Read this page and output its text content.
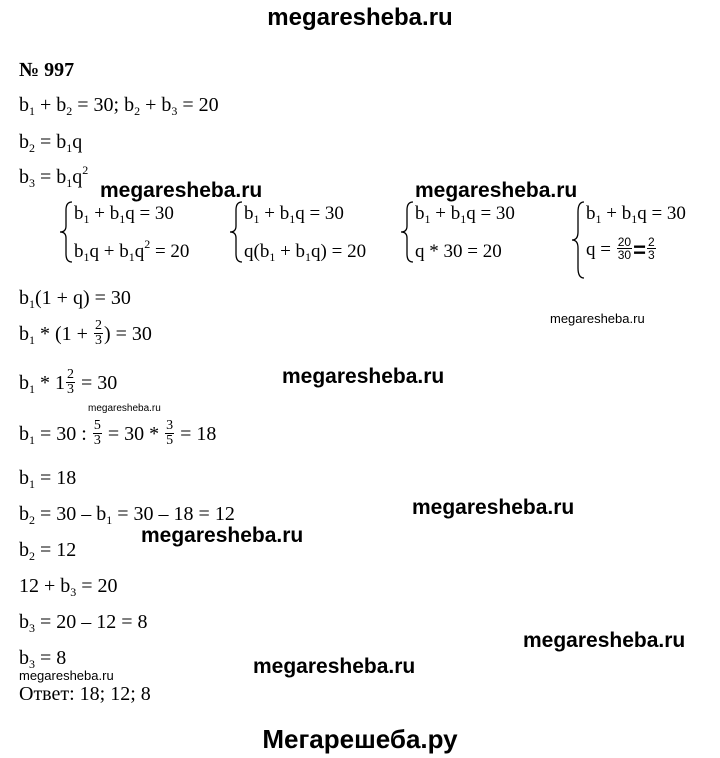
megaresheba.ru
№ 997
$b_1 + b_2 = 30$; $b_2 + b_3 = 20$
$b_2 = b_1q$
$b_3 = b_1q^2$
$b_1 + b_1q = 30$
$b_1q + b_1q^2 = 20$
$b_1 + b_1q = 30$
$q(b_1 + b_1q) = 20$
$b_1 + b_1q = 30$
q * 30 = 20
$b_1 + b_1q = 30$
$q = \frac{20}{30} = \frac{2}{3}$
$b_1(1 + q) = 30$
$b_1 * (1 + \frac{2}{3}$ ) = 30
$b_1 * 1 \frac{2}{3} = 30$
$b_1 = 30$ : $\frac{5}{3} = 30 * \frac{3}{5} = 18$
$b_1 = 18$
$b_2 = 30 - b_1 = 30 - 18 = 12$
$b_2 = 12$
$12 + b_3 = 20$
$b_3 = 20 - 12 = 8$
$b_3 = 8$
Ответ: 18; 12; 8
megaresheba.ru	megaresheba.ru
megaresheba.ru
megaresheba.ru
megaresheba.ru
megaresheba.ru
megaresheba.ru
megaresheba.ru
megaresheba.ru
megaresheba.ru
Мегарешеба.ру
